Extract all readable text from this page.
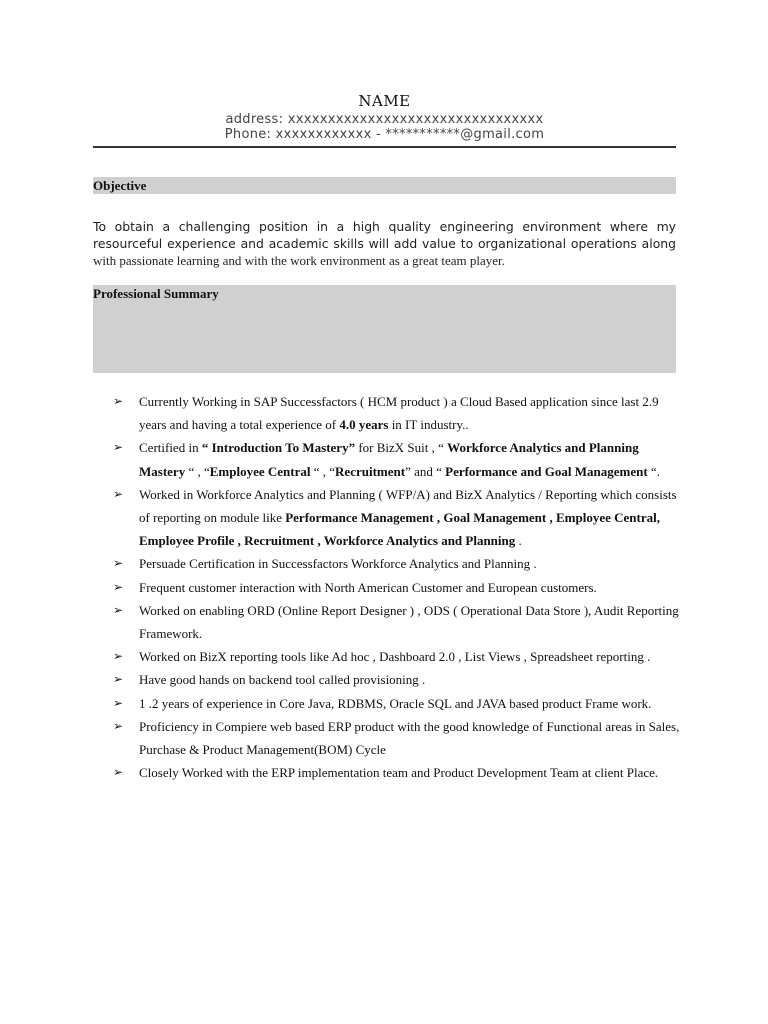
NAME
address: xxxxxxxxxxxxxxxxxxxxxxxxxxxxxxxx
Phone: xxxxxxxxxxxx - ***********@gmail.com
Objective
To obtain a challenging position in a high quality engineering environment where my
resourceful experience and academic skills will add value to organizational operations along
with passionate learning and with the work environment as a great team player.
Professional Summary
➢ Currently Working in SAP Successfactors ( HCM product ) a Cloud Based application since last 2.9 years and having a total experience of 4.0 years in IT industry..
➢ Certified in “ Introduction To Mastery” for BizX Suit , “ Workforce Analytics and Planning Mastery “ , “Employee Central “ , “Recruitment” and “ Performance and Goal Management “.
➢ Worked in Workforce Analytics and Planning ( WFP/A) and BizX Analytics / Reporting which consists of reporting on module like Performance Management , Goal Management , Employee Central, Employee Profile , Recruitment , Workforce Analytics and Planning .
➢ Persuade Certification in Successfactors Workforce Analytics and Planning .
➢ Frequent customer interaction with North American Customer and European customers.
➢ Worked on enabling ORD (Online Report Designer ) , ODS ( Operational Data Store ), Audit Reporting Framework.
➢ Worked on BizX reporting tools like Ad hoc , Dashboard 2.0 , List Views , Spreadsheet reporting .
➢ Have good hands on backend tool called provisioning .
➢ 1 .2 years of experience in Core Java, RDBMS, Oracle SQL and JAVA based product Frame work.
➢ Proficiency in Compiere web based ERP product with the good knowledge of Functional areas in Sales, Purchase & Product Management(BOM) Cycle
➢ Closely Worked with the ERP implementation team and Product Development Team at client Place.
